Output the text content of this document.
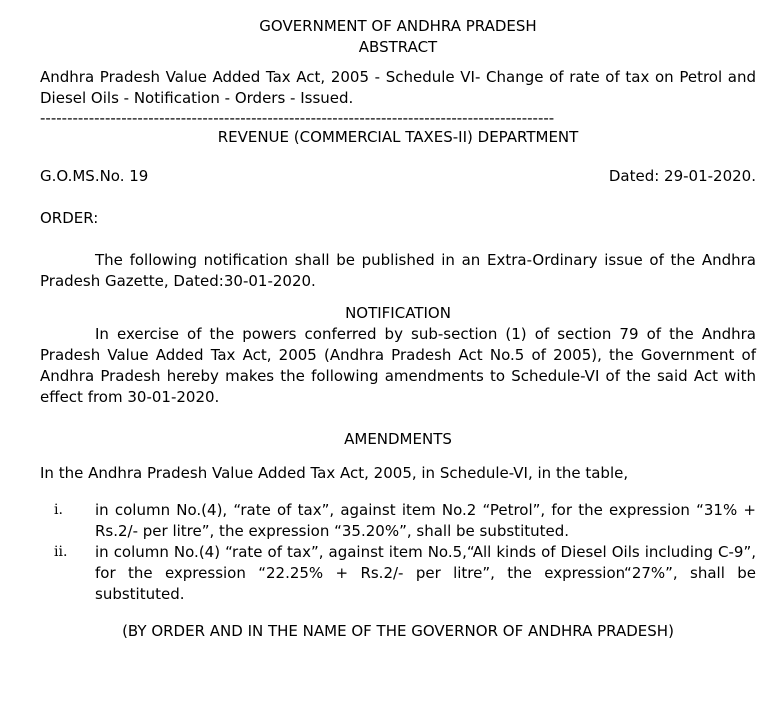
GOVERNMENT OF ANDHRA PRADESH
ABSTRACT
Andhra Pradesh Value Added Tax Act, 2005 - Schedule VI- Change of rate of tax on Petrol and Diesel Oils - Notification - Orders - Issued.
-----------------------------------------------------------------------------------------------
REVENUE (COMMERCIAL TAXES-II) DEPARTMENT
G.O.MS.No. 19	Dated: 29-01-2020.
ORDER:
The following notification shall be published in an Extra-Ordinary issue of the Andhra Pradesh Gazette, Dated:30-01-2020.
NOTIFICATION
In exercise of the powers conferred by sub-section (1) of section 79 of the Andhra Pradesh Value Added Tax Act, 2005 (Andhra Pradesh Act No.5 of 2005), the Government of Andhra Pradesh hereby makes the following amendments to Schedule-VI of the said Act with effect from 30-01-2020.
AMENDMENTS
In the Andhra Pradesh Value Added Tax Act, 2005, in Schedule-VI, in the table,
i.	in column No.(4), “rate of tax”, against item No.2 “Petrol”, for the expression “31% + Rs.2/- per litre”, the expression “35.20%”, shall be substituted.
ii.	in column No.(4) “rate of tax”, against item No.5,“All kinds of Diesel Oils including C-9”, for the expression “22.25% + Rs.2/- per litre”, the expression“27%”, shall be substituted.
(BY ORDER AND IN THE NAME OF THE GOVERNOR OF ANDHRA PRADESH)
